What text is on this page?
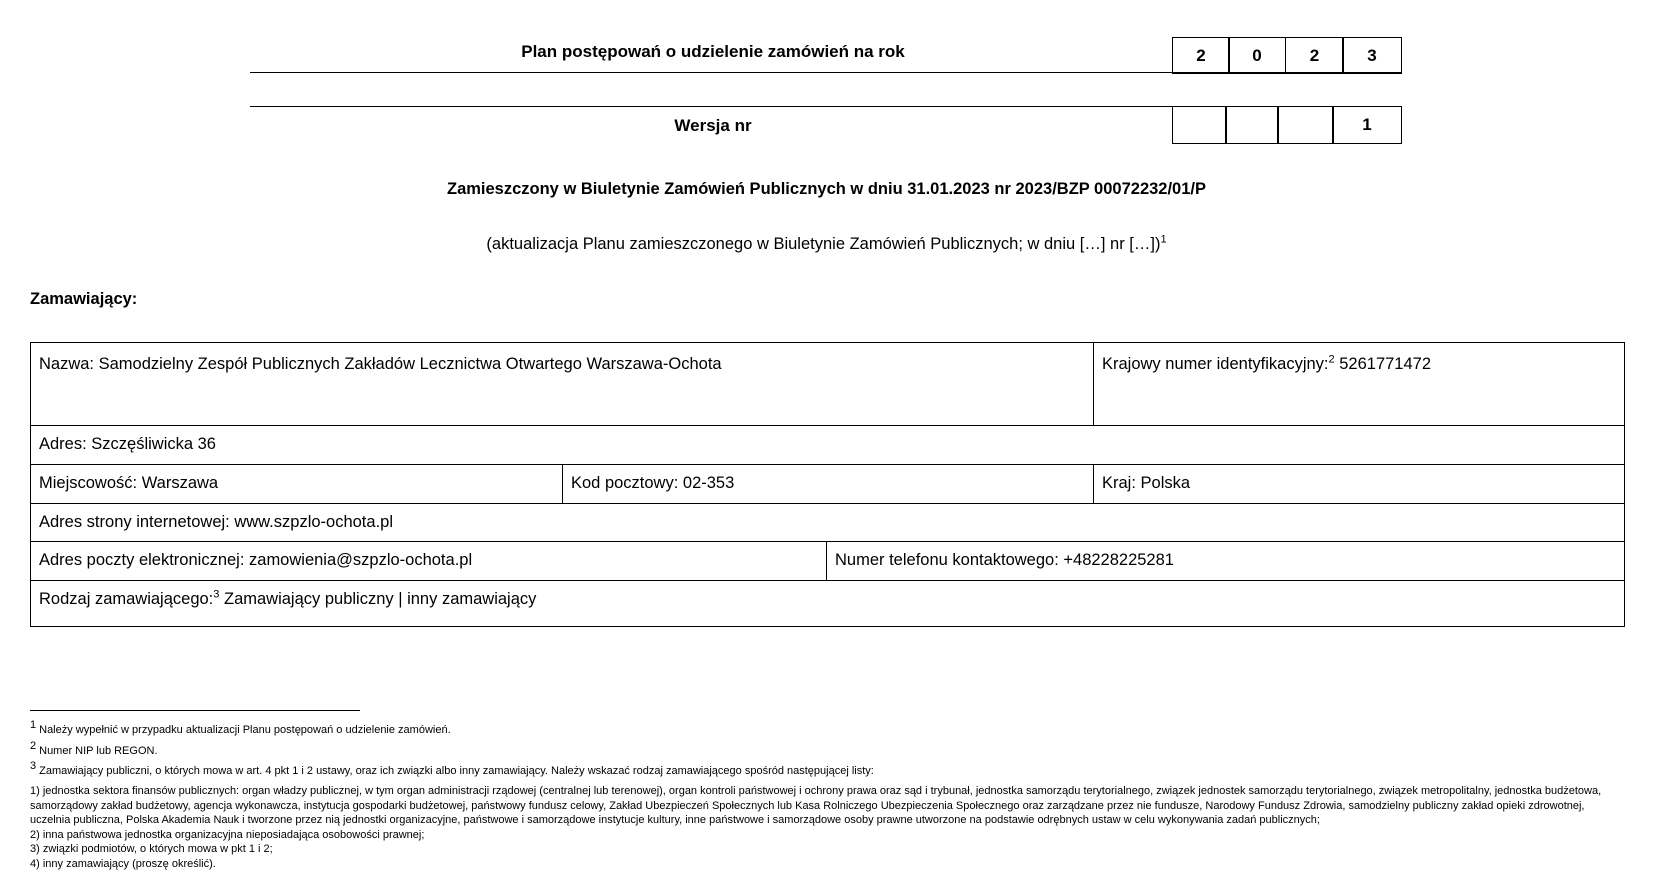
Plan postępowań o udzielenie zamówień na rok	2	0	2	3
Wersja nr	1
Zamieszczony w Biuletynie Zamówień Publicznych w dniu 31.01.2023 nr 2023/BZP 00072232/01/P
(aktualizacja Planu zamieszczonego w Biuletynie Zamówień Publicznych; w dniu […] nr […])$^1$
Zamawiający:
Nazwa: Samodzielny Zespół Publicznych Zakładów Lecznictwa Otwartego Warszawa-Ochota	Krajowy numer identyfikacyjny:$^2$ 5261771472
Adres: Szczęśliwicka 36
Miejscowość: Warszawa	Kod pocztowy: 02-353	Kraj: Polska
Adres strony internetowej: www.szpzlo-ochota.pl
Adres poczty elektronicznej: zamowienia@szpzlo-ochota.pl	Numer telefonu kontaktowego: +48228225281
Rodzaj zamawiającego:$^3$ Zamawiający publiczny | inny zamawiający
1 Należy wypełnić w przypadku aktualizacji Planu postępowań o udzielenie zamówień.
2 Numer NIP lub REGON.
3 Zamawiający publiczni, o których mowa w art. 4 pkt 1 i 2 ustawy, oraz ich związki albo inny zamawiający. Należy wskazać rodzaj zamawiającego spośród następującej listy:
1) jednostka sektora finansów publicznych: organ władzy publicznej, w tym organ administracji rządowej (centralnej lub terenowej), organ kontroli państwowej i ochrony prawa oraz sąd i trybunał, jednostka samorządu terytorialnego, związek jednostek samorządu terytorialnego, związek metropolitalny, jednostka budżetowa, samorządowy zakład budżetowy, agencja wykonawcza, instytucja gospodarki budżetowej, państwowy fundusz celowy, Zakład Ubezpieczeń Społecznych lub Kasa Rolniczego Ubezpieczenia Społecznego oraz zarządzane przez nie fundusze, Narodowy Fundusz Zdrowia, samodzielny publiczny zakład opieki zdrowotnej, uczelnia publiczna, Polska Akademia Nauk i tworzone przez nią jednostki organizacyjne, państwowe i samorządowe instytucje kultury, inne państwowe i samorządowe osoby prawne utworzone na podstawie odrębnych ustaw w celu wykonywania zadań publicznych;
2) inna państwowa jednostka organizacyjna nieposiadająca osobowości prawnej;
3) związki podmiotów, o których mowa w pkt 1 i 2;
4) inny zamawiający (proszę określić).
